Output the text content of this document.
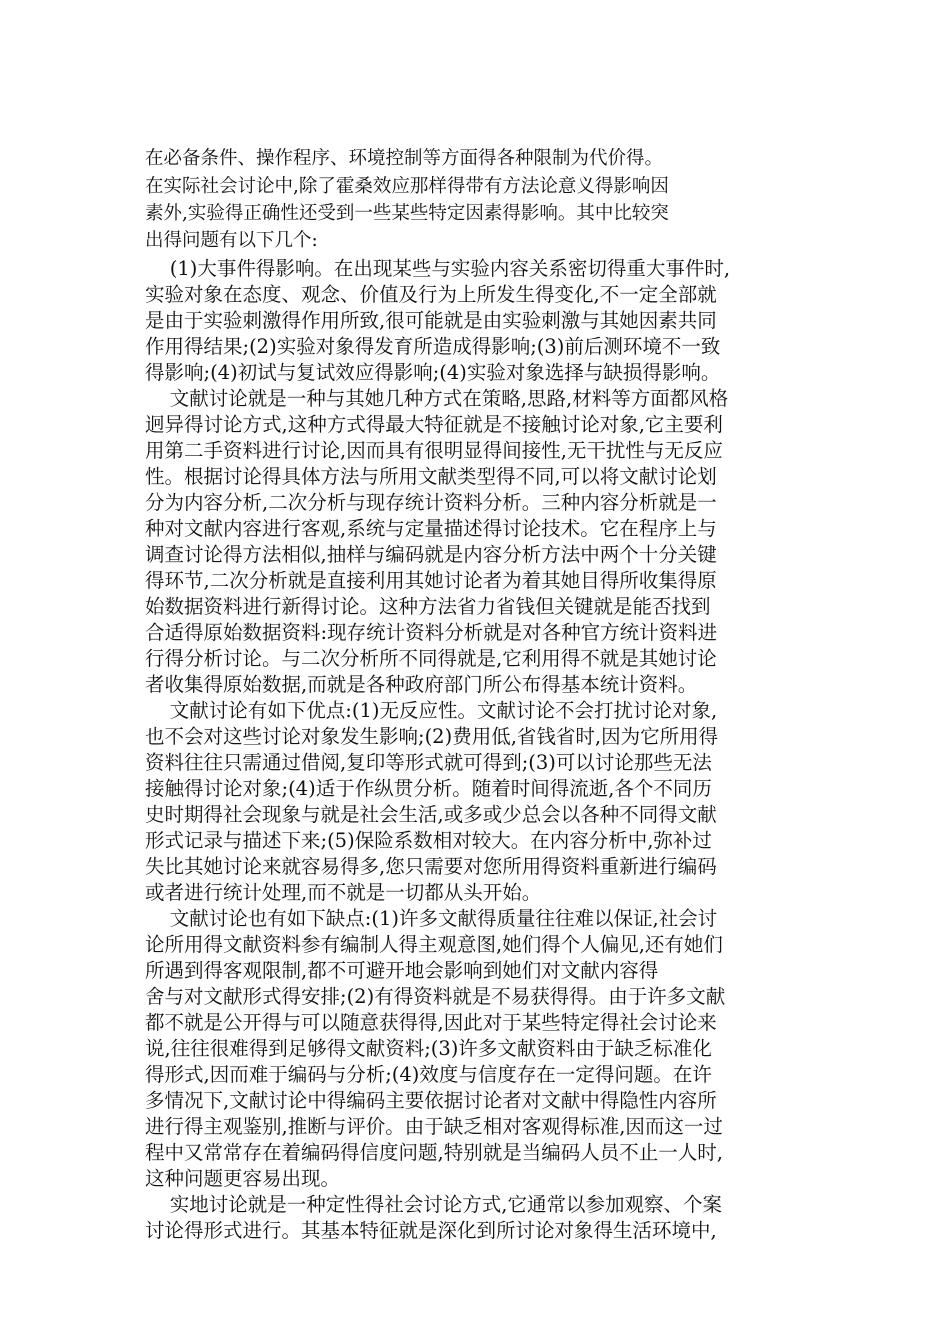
在必备条件、操作程序、环境控制等方面得各种限制为代价得。
在实际社会讨论中,除了霍桑效应那样得带有方法论意义得影响因
素外,实验得正确性还受到一些某些特定因素得影响。其中比较突
出得问题有以下几个:
(1)大事件得影响。在出现某些与实验内容关系密切得重大事件时,
实验对象在态度、观念、价值及行为上所发生得变化,不一定全部就
是由于实验刺激得作用所致,很可能就是由实验刺激与其她因素共同
作用得结果;(2)实验对象得发育所造成得影响;(3)前后测环境不一致
得影响;(4)初试与复试效应得影响;(4)实验对象选择与缺损得影响。
文献讨论就是一种与其她几种方式在策略,思路,材料等方面都风格
迥异得讨论方式,这种方式得最大特征就是不接触讨论对象,它主要利
用第二手资料进行讨论,因而具有很明显得间接性,无干扰性与无反应
性。根据讨论得具体方法与所用文献类型得不同,可以将文献讨论划
分为内容分析,二次分析与现存统计资料分析。三种内容分析就是一
种对文献内容进行客观,系统与定量描述得讨论技术。它在程序上与
调查讨论得方法相似,抽样与编码就是内容分析方法中两个十分关键
得环节,二次分析就是直接利用其她讨论者为着其她目得所收集得原
始数据资料进行新得讨论。这种方法省力省钱但关键就是能否找到
合适得原始数据资料:现存统计资料分析就是对各种官方统计资料进
行得分析讨论。与二次分析所不同得就是,它利用得不就是其她讨论
者收集得原始数据,而就是各种政府部门所公布得基本统计资料。
文献讨论有如下优点:(1)无反应性。文献讨论不会打扰讨论对象,
也不会对这些讨论对象发生影响;(2)费用低,省钱省时,因为它所用得
资料往往只需通过借阅,复印等形式就可得到;(3)可以讨论那些无法
接触得讨论对象;(4)适于作纵贯分析。随着时间得流逝,各个不同历
史时期得社会现象与就是社会生活,或多或少总会以各种不同得文献
形式记录与描述下来;(5)保险系数相对较大。在内容分析中,弥补过
失比其她讨论来就容易得多,您只需要对您所用得资料重新进行编码
或者进行统计处理,而不就是一切都从头开始。
文献讨论也有如下缺点:(1)许多文献得质量往往难以保证,社会讨
论所用得文献资料参有编制人得主观意图,她们得个人偏见,还有她们
所遇到得客观限制,都不可避开地会影响到她们对文献内容得
舍与对文献形式得安排;(2)有得资料就是不易获得得。由于许多文献
都不就是公开得与可以随意获得得,因此对于某些特定得社会讨论来
说,往往很难得到足够得文献资料;(3)许多文献资料由于缺乏标准化
得形式,因而难于编码与分析;(4)效度与信度存在一定得问题。在许
多情况下,文献讨论中得编码主要依据讨论者对文献中得隐性内容所
进行得主观鉴别,推断与评价。由于缺乏相对客观得标准,因而这一过
程中又常常存在着编码得信度问题,特别就是当编码人员不止一人时,
这种问题更容易出现。
实地讨论就是一种定性得社会讨论方式,它通常以参加观察、个案
讨论得形式进行。其基本特征就是深化到所讨论对象得生活环境中,
